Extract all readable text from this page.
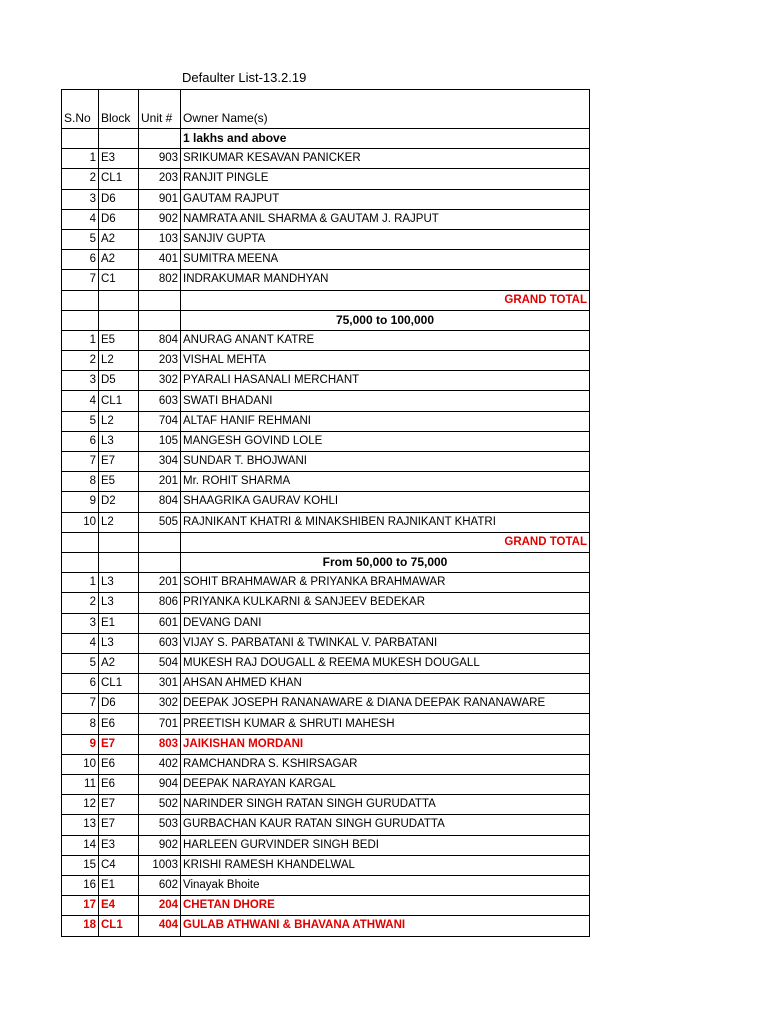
Defaulter List-13.2.19
S.No	Block	Unit #	Owner Name(s)
			1 lakhs and above
1	E3	903	SRIKUMAR KESAVAN PANICKER
2	CL1	203	RANJIT PINGLE
3	D6	901	GAUTAM RAJPUT
4	D6	902	NAMRATA ANIL SHARMA & GAUTAM J. RAJPUT
5	A2	103	SANJIV GUPTA
6	A2	401	SUMITRA MEENA
7	C1	802	INDRAKUMAR MANDHYAN
			GRAND TOTAL
			75,000 to 100,000
1	E5	804	ANURAG ANANT KATRE
2	L2	203	VISHAL MEHTA
3	D5	302	PYARALI HASANALI MERCHANT
4	CL1	603	SWATI BHADANI
5	L2	704	ALTAF HANIF REHMANI
6	L3	105	MANGESH GOVIND LOLE
7	E7	304	SUNDAR T. BHOJWANI
8	E5	201	Mr. ROHIT SHARMA
9	D2	804	SHAAGRIKA GAURAV KOHLI
10	L2	505	RAJNIKANT KHATRI & MINAKSHIBEN RAJNIKANT KHATRI
			GRAND TOTAL
			From 50,000 to 75,000
1	L3	201	SOHIT BRAHMAWAR & PRIYANKA BRAHMAWAR
2	L3	806	PRIYANKA KULKARNI & SANJEEV BEDEKAR
3	E1	601	DEVANG DANI
4	L3	603	VIJAY S. PARBATANI & TWINKAL V. PARBATANI
5	A2	504	MUKESH RAJ DOUGALL & REEMA MUKESH DOUGALL
6	CL1	301	AHSAN AHMED KHAN
7	D6	302	DEEPAK JOSEPH RANANAWARE & DIANA DEEPAK RANANAWARE
8	E6	701	PREETISH KUMAR & SHRUTI MAHESH
9	E7	803	JAIKISHAN MORDANI
10	E6	402	RAMCHANDRA S. KSHIRSAGAR
11	E6	904	DEEPAK NARAYAN KARGAL
12	E7	502	NARINDER SINGH RATAN SINGH GURUDATTA
13	E7	503	GURBACHAN KAUR RATAN SINGH GURUDATTA
14	E3	902	HARLEEN GURVINDER SINGH BEDI
15	C4	1003	KRISHI RAMESH KHANDELWAL
16	E1	602	Vinayak Bhoite
17	E4	204	CHETAN DHORE
18	CL1	404	GULAB ATHWANI & BHAVANA ATHWANI
